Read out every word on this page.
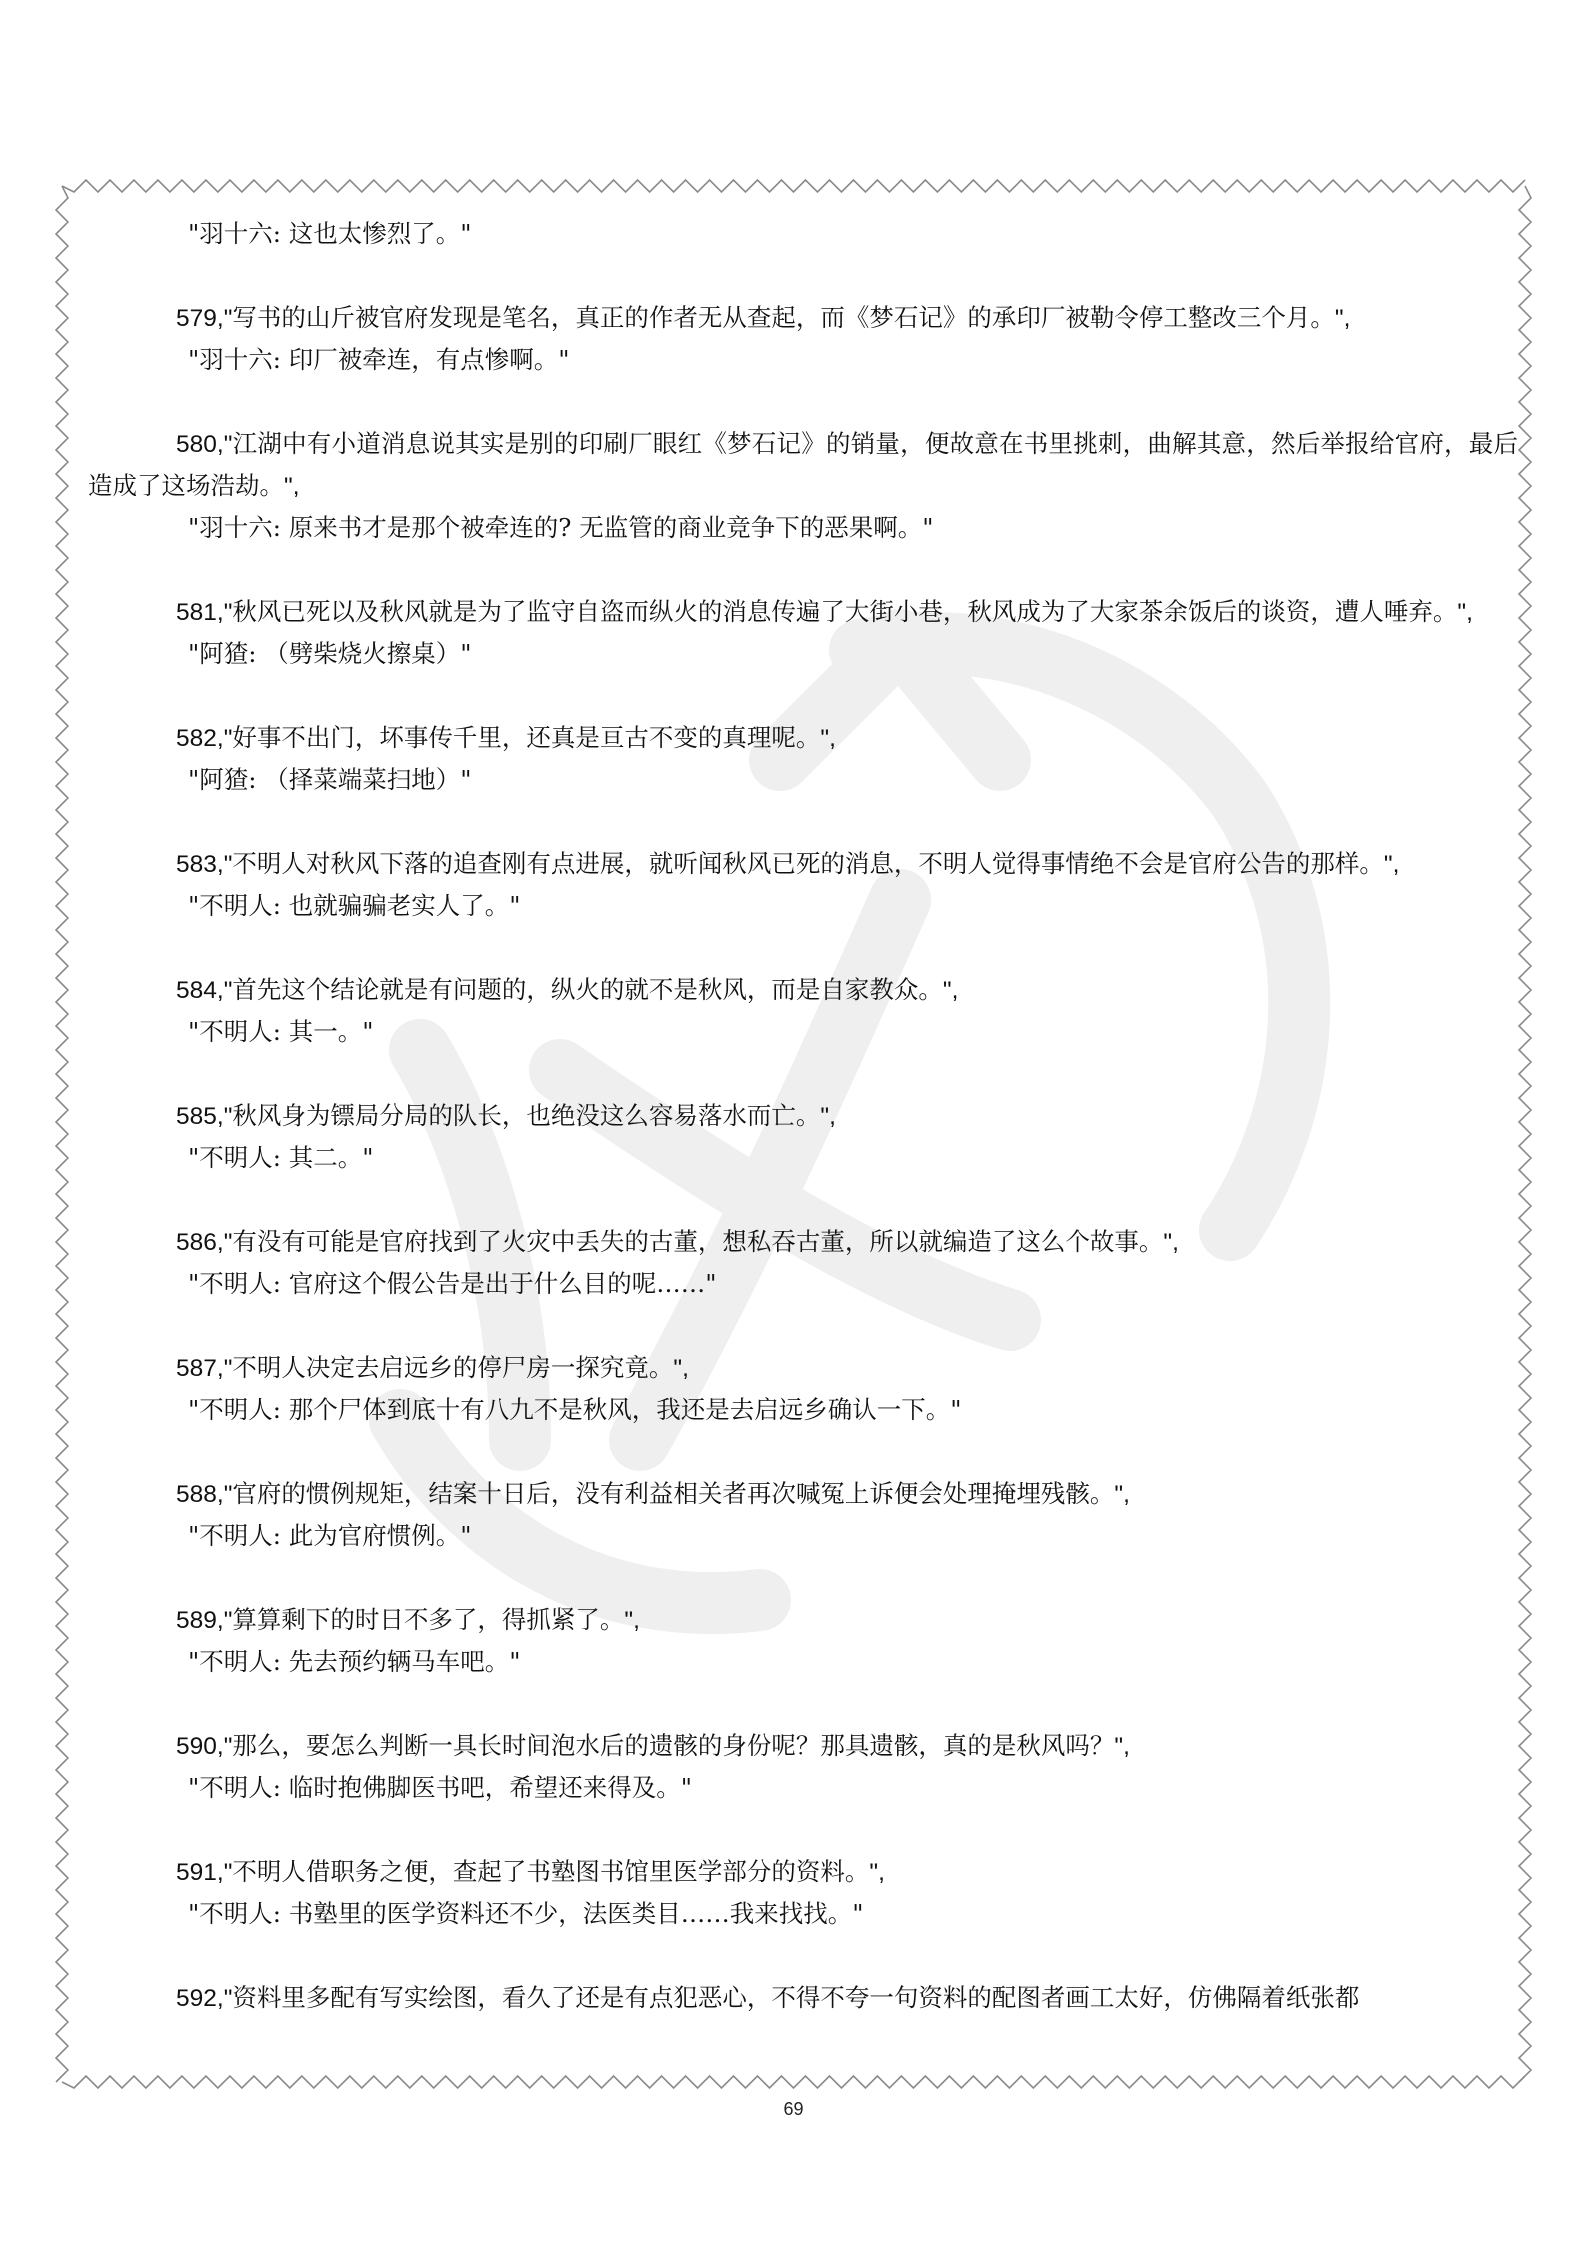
"羽十六: 这也太惨烈了。"

579,"写书的山斤被官府发现是笔名，真正的作者无从查起，而《梦石记》的承印厂被勒令停工整改三个月。",

"羽十六: 印厂被牵连，有点惨啊。"

580,"江湖中有小道消息说其实是别的印刷厂眼红《梦石记》的销量，便故意在书里挑刺，曲解其意，然后举报给官府，最后造成了这场浩劫。",

"羽十六: 原来书才是那个被牵连的? 无监管的商业竞争下的恶果啊。"

581,"秋风已死以及秋风就是为了监守自盗而纵火的消息传遍了大街小巷，秋风成为了大家茶余饭后的谈资，遭人唾弃。",

"阿猹: （劈柴烧火擦桌）"

582,"好事不出门，坏事传千里，还真是亘古不变的真理呢。",

"阿猹: （择菜端菜扫地）"

583,"不明人对秋风下落的追查刚有点进展，就听闻秋风已死的消息，不明人觉得事情绝不会是官府公告的那样。",

"不明人: 也就骗骗老实人了。"

584,"首先这个结论就是有问题的，纵火的就不是秋风，而是自家教众。",

"不明人: 其一。"

585,"秋风身为镖局分局的队长，也绝没这么容易落水而亡。",

"不明人: 其二。"

586,"有没有可能是官府找到了火灾中丢失的古董，想私吞古董，所以就编造了这么个故事。",

"不明人: 官府这个假公告是出于什么目的呢……"

587,"不明人决定去启远乡的停尸房一探究竟。",

"不明人: 那个尸体到底十有八九不是秋风，我还是去启远乡确认一下。"

588,"官府的惯例规矩，结案十日后，没有利益相关者再次喊冤上诉便会处理掩埋残骸。",

"不明人: 此为官府惯例。"

589,"算算剩下的时日不多了，得抓紧了。",

"不明人: 先去预约辆马车吧。"

590,"那么，要怎么判断一具长时间泡水后的遗骸的身份呢？那具遗骸，真的是秋风吗？",

"不明人: 临时抱佛脚医书吧，希望还来得及。"

591,"不明人借职务之便，查起了书塾图书馆里医学部分的资料。",

"不明人: 书塾里的医学资料还不少，法医类目……我来找找。"

592,"资料里多配有写实绘图，看久了还是有点犯恶心，不得不夸一句资料的配图者画工太好，仿佛隔着纸张都

69
